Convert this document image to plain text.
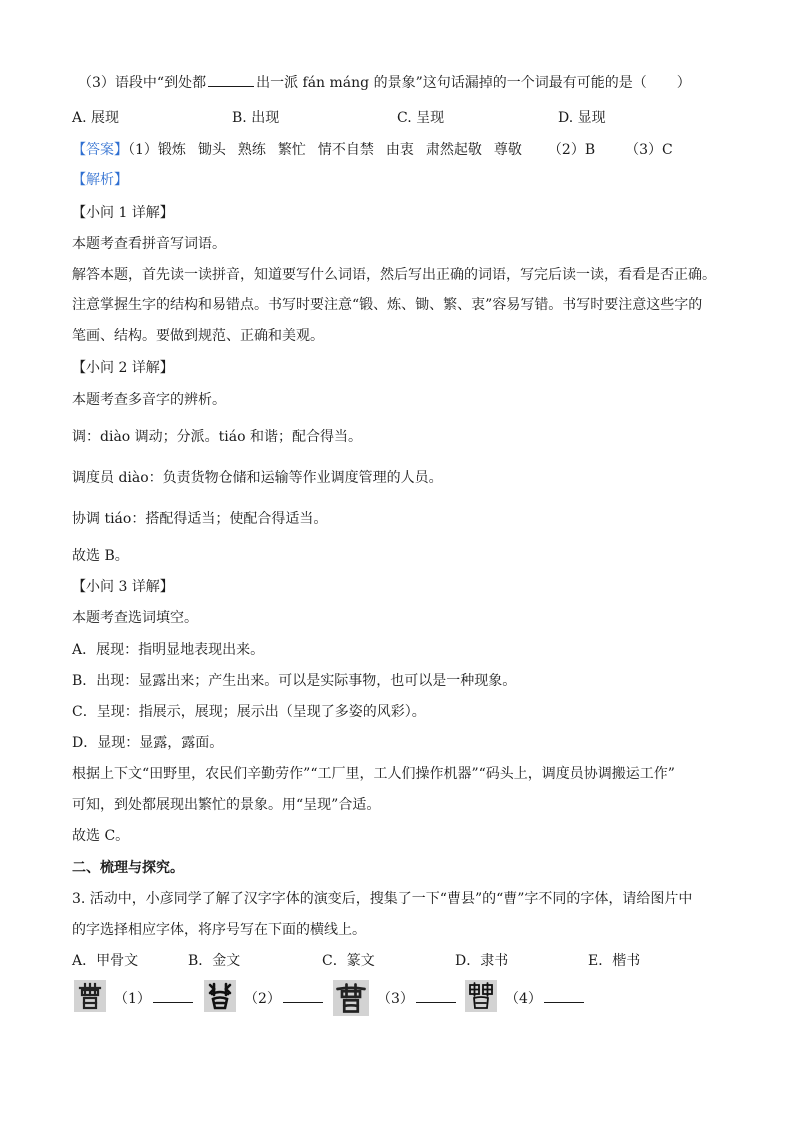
（3）语段中“到处都	出一派 fán máng 的景象”这句话漏掉的一个词最有可能的是（ ）
A. 展现	B. 出现	C. 呈现	D. 显现
【答案】（1）锻炼 锄头 熟练 繁忙 情不自禁 由衷 肃然起敬 尊敬 （2）B （3）C
【解析】
【小问 1 详解】
本题考查看拼音写词语。
解答本题，首先读一读拼音，知道要写什么词语，然后写出正确的词语，写完后读一读，看看是否正确。
注意掌握生字的结构和易错点。书写时要注意“锻、炼、锄、繁、衷”容易写错。书写时要注意这些字的
笔画、结构。要做到规范、正确和美观。
【小问 2 详解】
本题考查多音字的辨析。
调：diào 调动；分派。tiáo 和谐；配合得当。
调度员 diào：负责货物仓储和运输等作业调度管理的人员。
协调 tiáo：搭配得适当；使配合得适当。
故选 B。
【小问 3 详解】
本题考查选词填空。
A．展现：指明显地表现出来。
B．出现：显露出来；产生出来。可以是实际事物，也可以是一种现象。
C．呈现：指展示，展现；展示出（呈现了多姿的风彩）。
D．显现：显露，露面。
根据上下文“田野里，农民们辛勤劳作”“工厂里，工人们操作机器”“码头上，调度员协调搬运工作”
可知，到处都展现出繁忙的景象。用“呈现”合适。
故选 C。
二、梳理与探究。
3. 活动中，小彦同学了解了汉字字体的演变后，搜集了一下“曹县”的“曹”字不同的字体，请给图片中
的字选择相应字体，将序号写在下面的横线上。
A．甲骨文	B．金文	C．篆文	D．隶书	E．楷书
（1）	（2）	（3）	（4）
